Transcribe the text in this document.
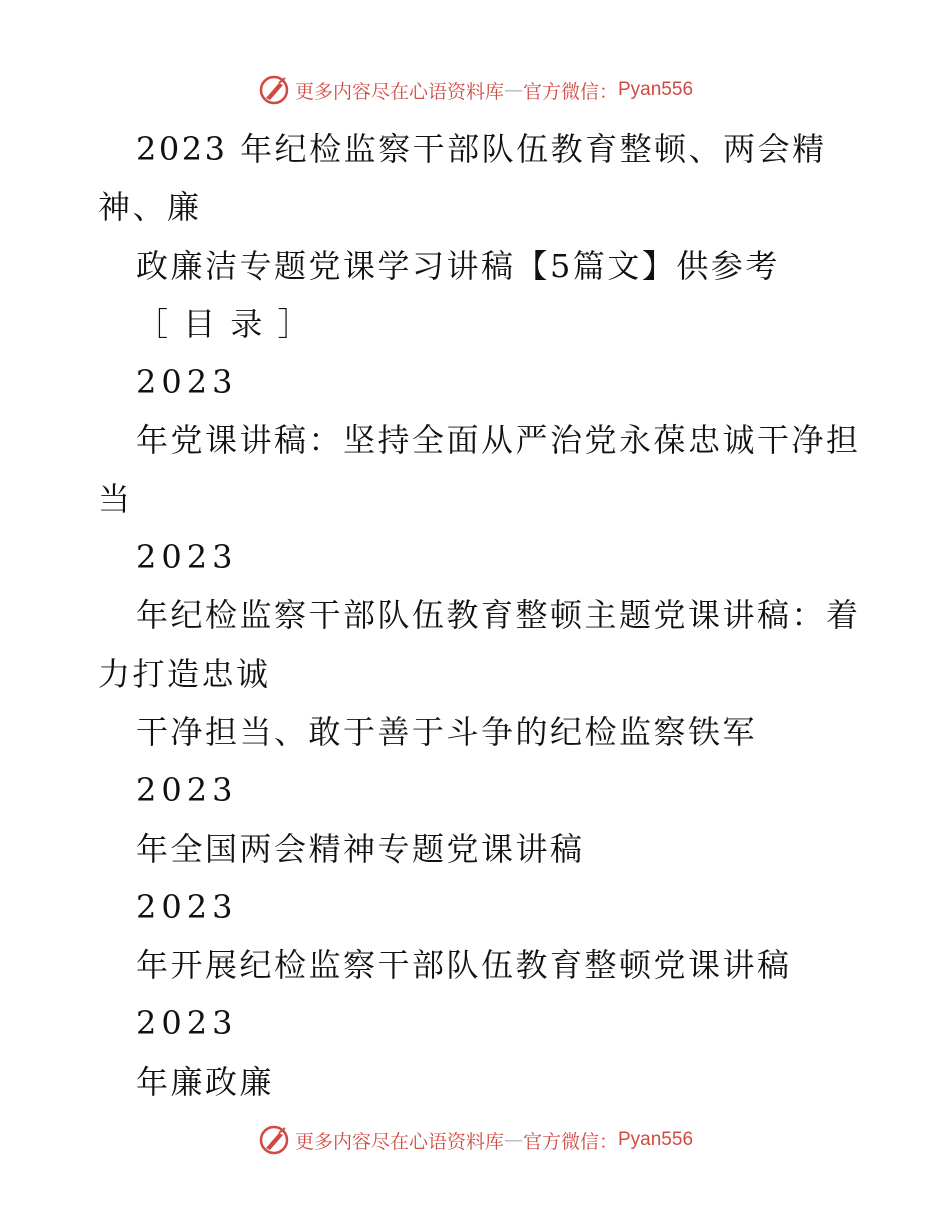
更多内容尽在心语资料库 — 官方微信： Pyan556
2023 年纪检监察干部队伍教育整顿、两会精
神、廉
政廉洁专题党课学习讲稿【5篇文】供参考
［ 目 录 ］
2023
年党课讲稿：坚持全面从严治党永葆忠诚干净担
当
2023
年纪检监察干部队伍教育整顿主题党课讲稿：着
力打造忠诚
干净担当、敢于善于斗争的纪检监察铁军
2023
年全国两会精神专题党课讲稿
2023
年开展纪检监察干部队伍教育整顿党课讲稿
2023
年廉政廉
更多内容尽在心语资料库 — 官方微信： Pyan556
